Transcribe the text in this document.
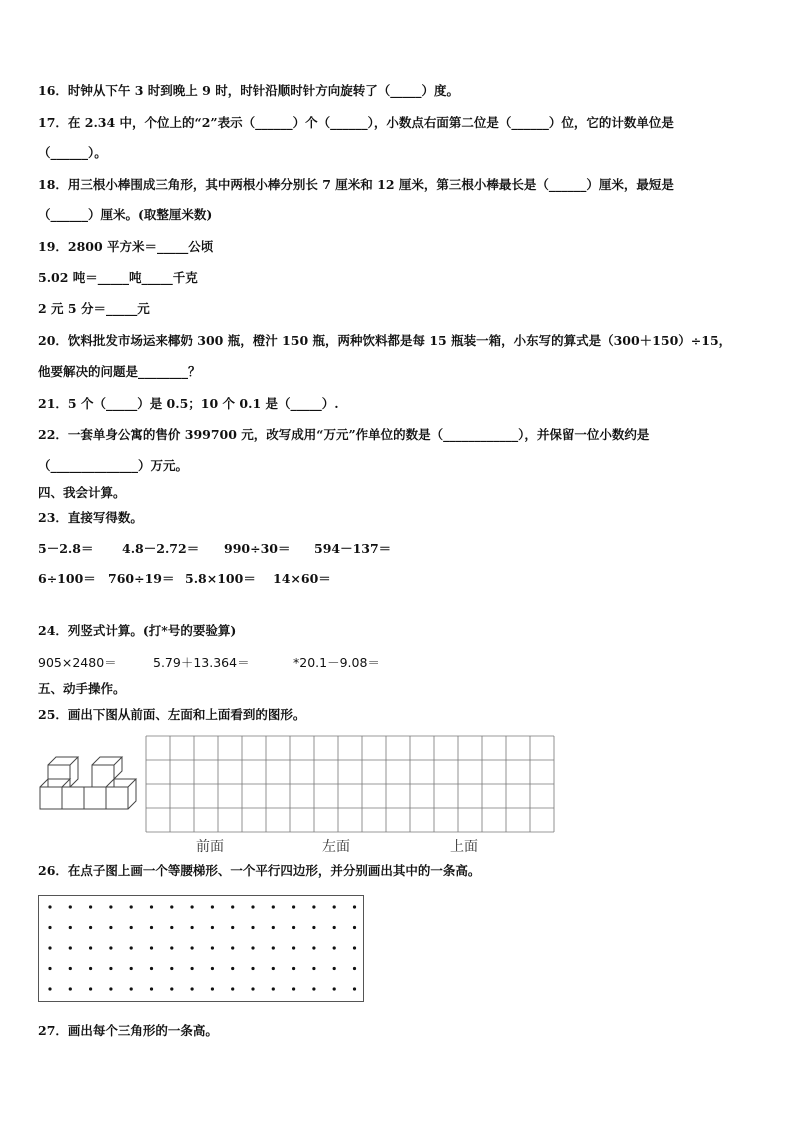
16．时钟从下午 3 时到晚上 9 时，时针沿顺时针方向旋转了（_____）度。
17．在 2.34 中，个位上的“2”表示（______）个（______），小数点右面第二位是（______）位，它的计数单位是
（______）。
18．用三根小棒围成三角形，其中两根小棒分别长 7 厘米和 12 厘米，第三根小棒最长是（______）厘米，最短是
（______）厘米。(取整厘米数)
19．2800 平方米＝_____公顷
5.02 吨＝_____吨_____千克
2 元 5 分＝_____元
20．饮料批发市场运来椰奶 300 瓶，橙汁 150 瓶，两种饮料都是每 15 瓶装一箱，小东写的算式是（300＋150）÷15，
他要解决的问题是________？
21．5 个（_____）是 0.5；10 个 0.1 是（_____）.
22．一套单身公寓的售价 399700 元，改写成用“万元”作单位的数是（____________），并保留一位小数约是
（______________）万元。
四、我会计算。
23．直接写得数。
5－2.8＝ 4.8－2.72＝ 990÷30＝ 594－137＝
6÷100＝ 760÷19＝ 5.8×100＝ 14×60＝
24．列竖式计算。(打*号的要验算)
905×2480＝	5.79＋13.364＝	*20.1－9.08＝
五、动手操作。
25．画出下图从前面、左面和上面看到的图形。
前面	左面	上面
26．在点子图上画一个等腰梯形、一个平行四边形，并分别画出其中的一条高。
27．画出每个三角形的一条高。
